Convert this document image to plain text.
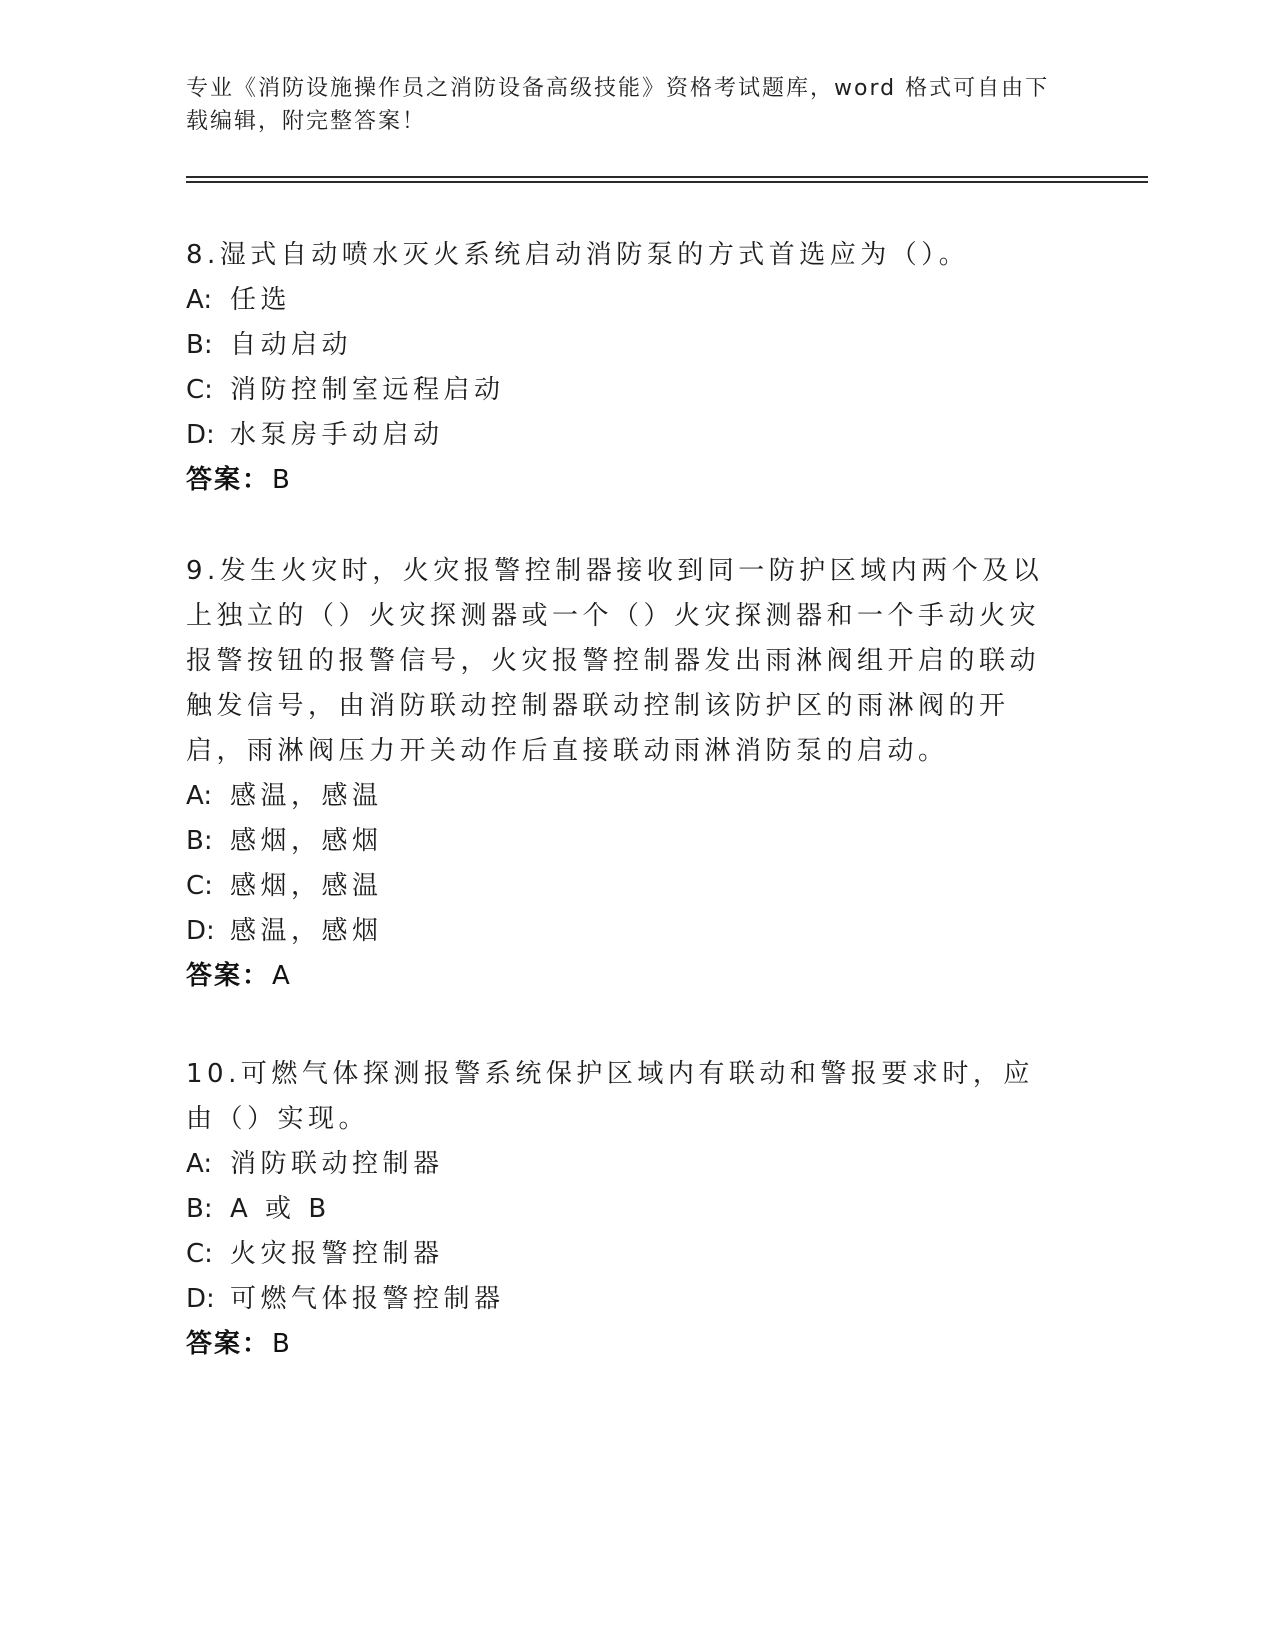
专业《消防设施操作员之消防设备高级技能》资格考试题库，word 格式可自由下载编辑，附完整答案！
8.湿式自动喷水灭火系统启动消防泵的方式首选应为（）。
A: 任选
B: 自动启动
C: 消防控制室远程启动
D: 水泵房手动启动
答案：B
9.发生火灾时，火灾报警控制器接收到同一防护区域内两个及以上独立的（）火灾探测器或一个（）火灾探测器和一个手动火灾报警按钮的报警信号，火灾报警控制器发出雨淋阀组开启的联动触发信号，由消防联动控制器联动控制该防护区的雨淋阀的开启，雨淋阀压力开关动作后直接联动雨淋消防泵的启动。
A: 感温，感温
B: 感烟，感烟
C: 感烟，感温
D: 感温，感烟
答案：A
10.可燃气体探测报警系统保护区域内有联动和警报要求时，应由（）实现。
A: 消防联动控制器
B: A 或 B
C: 火灾报警控制器
D: 可燃气体报警控制器
答案：B
